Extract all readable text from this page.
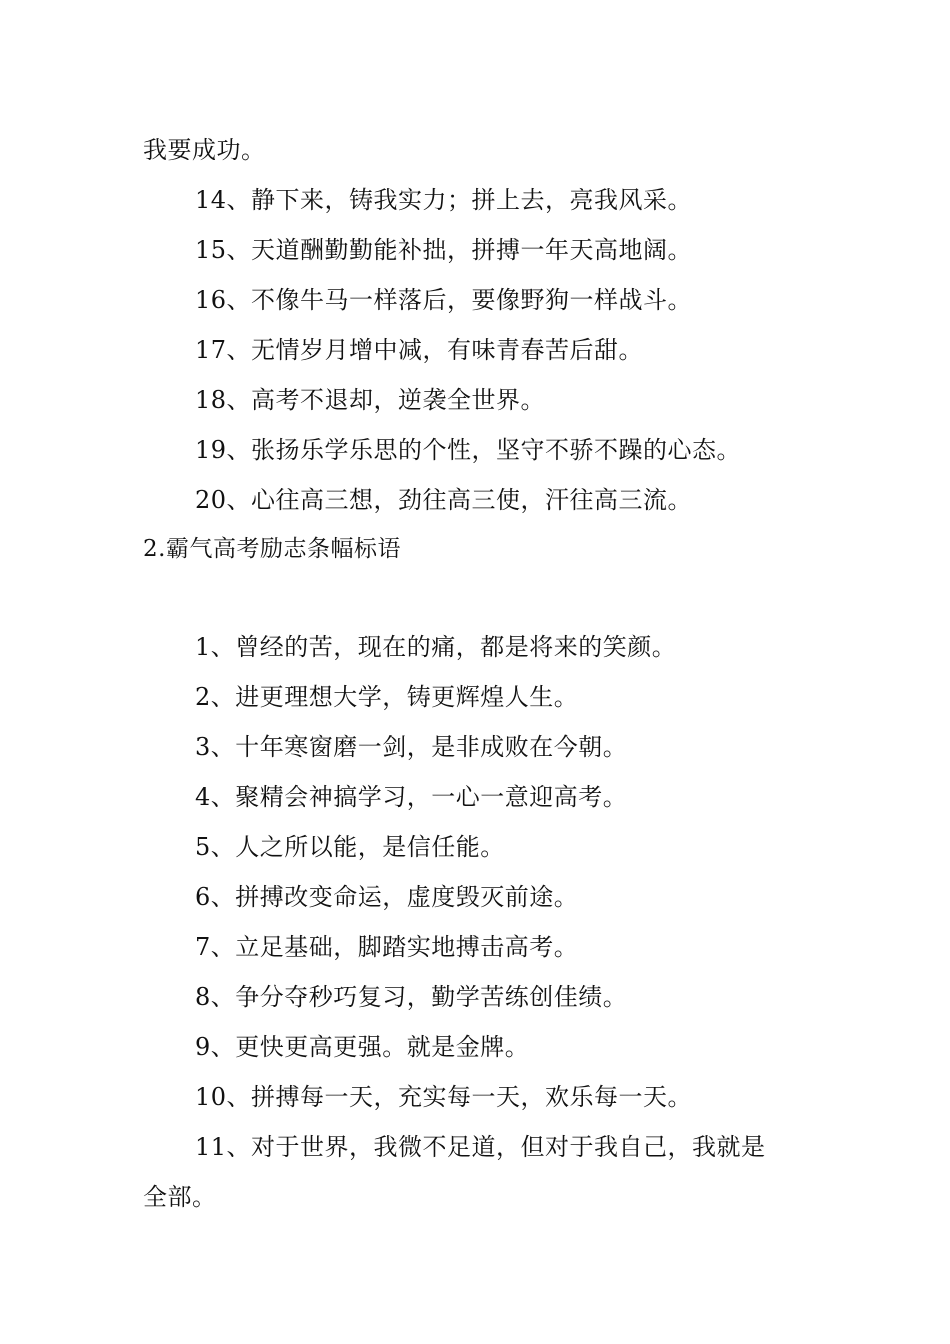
我要成功。
14、静下来，铸我实力；拼上去，亮我风采。
15、天道酬勤勤能补拙，拼搏一年天高地阔。
16、不像牛马一样落后，要像野狗一样战斗。
17、无情岁月增中减，有味青春苦后甜。
18、高考不退却，逆袭全世界。
19、张扬乐学乐思的个性，坚守不骄不躁的心态。
20、心往高三想，劲往高三使，汗往高三流。
2.霸气高考励志条幅标语
1、曾经的苦，现在的痛，都是将来的笑颜。
2、进更理想大学，铸更辉煌人生。
3、十年寒窗磨一剑，是非成败在今朝。
4、聚精会神搞学习，一心一意迎高考。
5、人之所以能，是信任能。
6、拼搏改变命运，虚度毁灭前途。
7、立足基础，脚踏实地搏击高考。
8、争分夺秒巧复习，勤学苦练创佳绩。
9、更快更高更强。就是金牌。
10、拼搏每一天，充实每一天，欢乐每一天。
11、对于世界，我微不足道，但对于我自己，我就是
全部。
